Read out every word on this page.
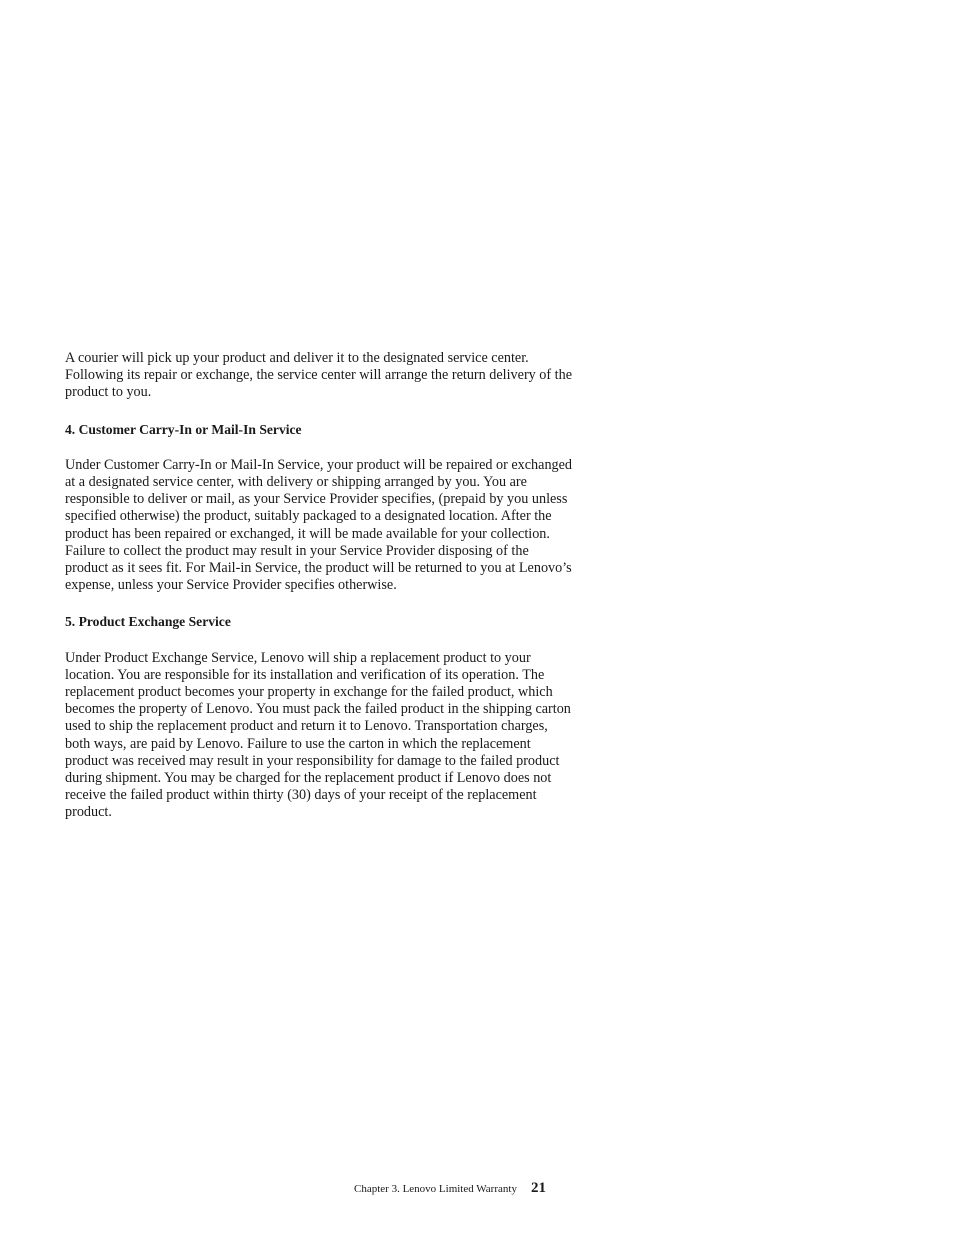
A courier will pick up your product and deliver it to the designated service center. Following its repair or exchange, the service center will arrange the return delivery of the product to you.

4. Customer Carry-In or Mail-In Service

Under Customer Carry-In or Mail-In Service, your product will be repaired or exchanged at a designated service center, with delivery or shipping arranged by you. You are responsible to deliver or mail, as your Service Provider specifies, (prepaid by you unless specified otherwise) the product, suitably packaged to a designated location. After the product has been repaired or exchanged, it will be made available for your collection. Failure to collect the product may result in your Service Provider disposing of the product as it sees fit. For Mail-in Service, the product will be returned to you at Lenovo’s expense, unless your Service Provider specifies otherwise.

5. Product Exchange Service

Under Product Exchange Service, Lenovo will ship a replacement product to your location. You are responsible for its installation and verification of its operation. The replacement product becomes your property in exchange for the failed product, which becomes the property of Lenovo. You must pack the failed product in the shipping carton used to ship the replacement product and return it to Lenovo. Transportation charges, both ways, are paid by Lenovo. Failure to use the carton in which the replacement product was received may result in your responsibility for damage to the failed product during shipment. You may be charged for the replacement product if Lenovo does not receive the failed product within thirty (30) days of your receipt of the replacement product.

Chapter 3. Lenovo Limited Warranty 21
